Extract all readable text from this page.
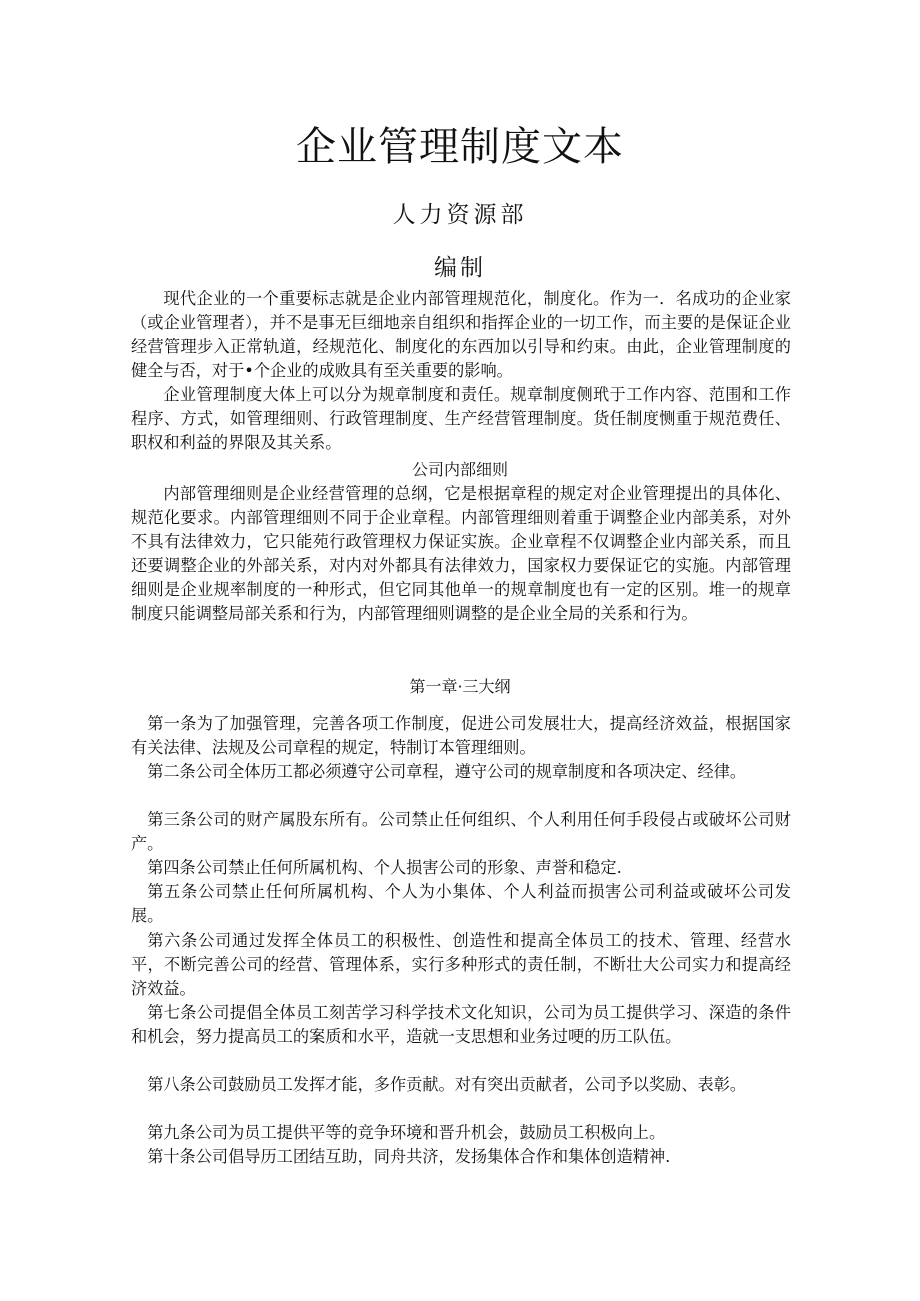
企业管理制度文本
人力资源部
编制

现代企业的一个重要标志就是企业内部管理规范化，制度化。作为一．名成功的企业家（或企业管理者），并不是事无巨细地亲自组织和指挥企业的一切工作，而主要的是保证企业经营管理步入正常轨道，经规范化、制度化的东西加以引导和约束。由此，企业管理制度的健全与否，对于•个企业的成败具有至关重要的影响。

企业管理制度大体上可以分为规章制度和责任。规章制度侧玳于工作内容、范围和工作程序、方式，如管理细则、行政管理制度、生产经营管理制度。货任制度恻重于规范费任、职权和利益的界限及其关系。

公司内部细则

内部管理细则是企业经营管理的总纲，它是根据章程的规定对企业管理提出的具体化、规范化要求。内部管理细则不同于企业章程。内部管理细则着重于调整企业内部美系，对外不具有法律效力，它只能苑行政管理权力保证实族。企业章程不仅调整企业内部关系，而且还要调整企业的外部关系，对内对外都具有法律效力，国家权力要保证它的实施。内部管理细则是企业规率制度的一种形式，但它同其他单一的规章制度也有一定的区别。堆一的规章制度只能调整局部关系和行为，内部管理细则调整的是企业全局的关系和行为。

第一章·三大纲

第一条为了加强管理，完善各项工作制度，促进公司发展壮大，提高经济效益，根据国家有关法律、法规及公司章程的规定，特制订本管理细则。

第二条公司全体历工都必须遵守公司章程，遵守公司的规章制度和各项决定、经律。

第三条公司的财产属股东所有。公司禁止任何组织、个人利用任何手段侵占或破坏公司财产。

第四条公司禁止任何所属机构、个人损害公司的形象、声誉和稳定.

第五条公司禁止任何所属机构、个人为小集体、个人利益而损害公司利益或破坏公司发展。

第六条公司通过发挥全体员工的积极性、创造性和提高全体员工的技术、管理、经营水平，不断完善公司的经营、管理体系，实行多种形式的责任制，不断壮大公司实力和提高经济效益。

第七条公司提倡全体员工刻苦学习科学技术文化知识，公司为员工提供学习、深造的条件和机会，努力提高员工的案质和水平，造就一支思想和业务过哽的历工队伍。

第八条公司鼓励员工发挥才能，多作贡献。对有突出贡献者，公司予以奖励、表彰。

第九条公司为员工提供平等的竞争环境和晋升机会，鼓励员工积极向上。

第十条公司倡导历工团结互助，同舟共济，发扬集体合作和集体创造精神.
